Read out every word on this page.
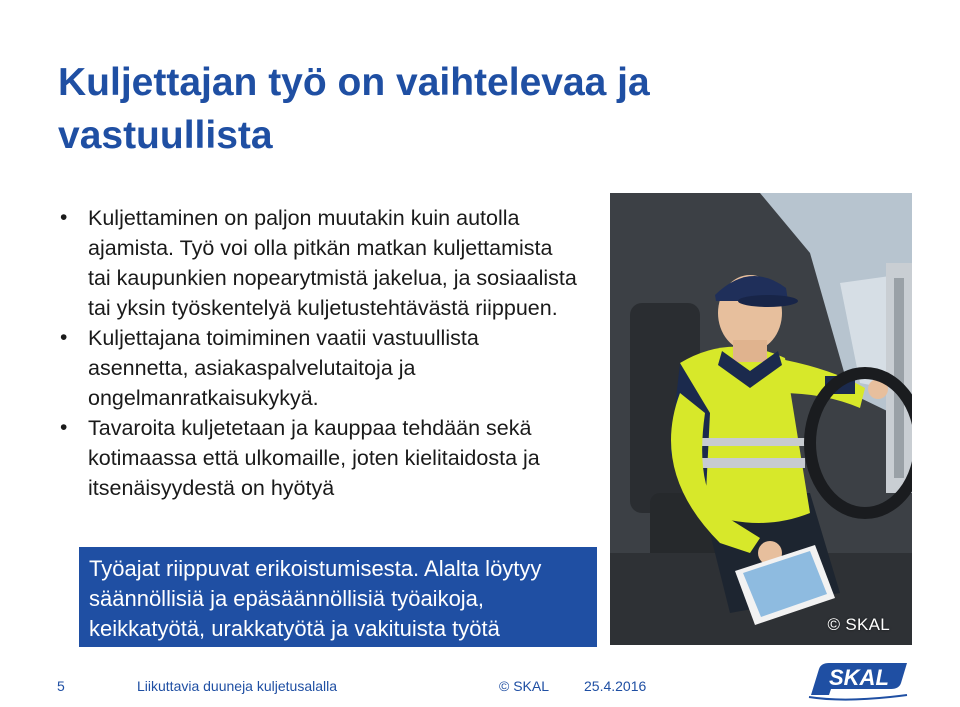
Kuljettajan työ on vaihtelevaa ja vastuullista
• Kuljettaminen on paljon muutakin kuin autolla ajamista. Työ voi olla pitkän matkan kuljettamista tai kaupunkien nopearytmistä jakelua, ja sosiaalista tai yksin työskentelyä kuljetustehtävästä riippuen.
• Kuljettajana toimiminen vaatii vastuullista asennetta, asiakaspalvelutaitoja ja ongelmanratkaisukykyä.
• Tavaroita kuljetetaan ja kauppaa tehdään sekä kotimaassa että ulkomaille, joten kielitaidosta ja itsenäisyydestä on hyötyä
Työajat riippuvat erikoistumisesta. Alalta löytyy säännöllisiä ja epäsäännöllisiä työaikoja, keikkatyötä, urakkatyötä ja vakituista työtä	© SKAL
5	Liikuttavia duuneja kuljetusalalla	© SKAL 25.4.2016	SKAL
